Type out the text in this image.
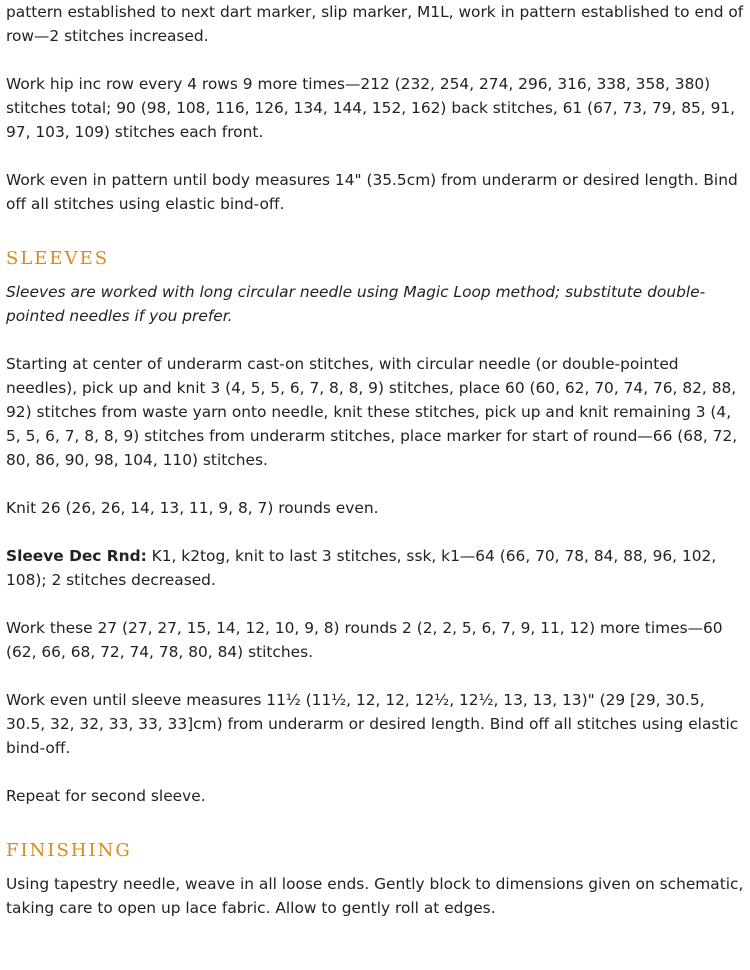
pattern established to next dart marker, slip marker, M1L, work in pattern established to end of row—2 stitches increased.

Work hip inc row every 4 rows 9 more times—212 (232, 254, 274, 296, 316, 338, 358, 380) stitches total; 90 (98, 108, 116, 126, 134, 144, 152, 162) back stitches, 61 (67, 73, 79, 85, 91, 97, 103, 109) stitches each front.

Work even in pattern until body measures 14" (35.5cm) from underarm or desired length. Bind off all stitches using elastic bind-off.

SLEEVES

Sleeves are worked with long circular needle using Magic Loop method; substitute double-pointed needles if you prefer.

Starting at center of underarm cast-on stitches, with circular needle (or double-pointed needles), pick up and knit 3 (4, 5, 5, 6, 7, 8, 8, 9) stitches, place 60 (60, 62, 70, 74, 76, 82, 88, 92) stitches from waste yarn onto needle, knit these stitches, pick up and knit remaining 3 (4, 5, 5, 6, 7, 8, 8, 9) stitches from underarm stitches, place marker for start of round—66 (68, 72, 80, 86, 90, 98, 104, 110) stitches.

Knit 26 (26, 26, 14, 13, 11, 9, 8, 7) rounds even.

Sleeve Dec Rnd: K1, k2tog, knit to last 3 stitches, ssk, k1—64 (66, 70, 78, 84, 88, 96, 102, 108); 2 stitches decreased.

Work these 27 (27, 27, 15, 14, 12, 10, 9, 8) rounds 2 (2, 2, 5, 6, 7, 9, 11, 12) more times—60 (62, 66, 68, 72, 74, 78, 80, 84) stitches.

Work even until sleeve measures 11½ (11½, 12, 12, 12½, 12½, 13, 13, 13)" (29 [29, 30.5, 30.5, 32, 32, 33, 33, 33]cm) from underarm or desired length. Bind off all stitches using elastic bind-off.

Repeat for second sleeve.

FINISHING

Using tapestry needle, weave in all loose ends. Gently block to dimensions given on schematic, taking care to open up lace fabric. Allow to gently roll at edges.
